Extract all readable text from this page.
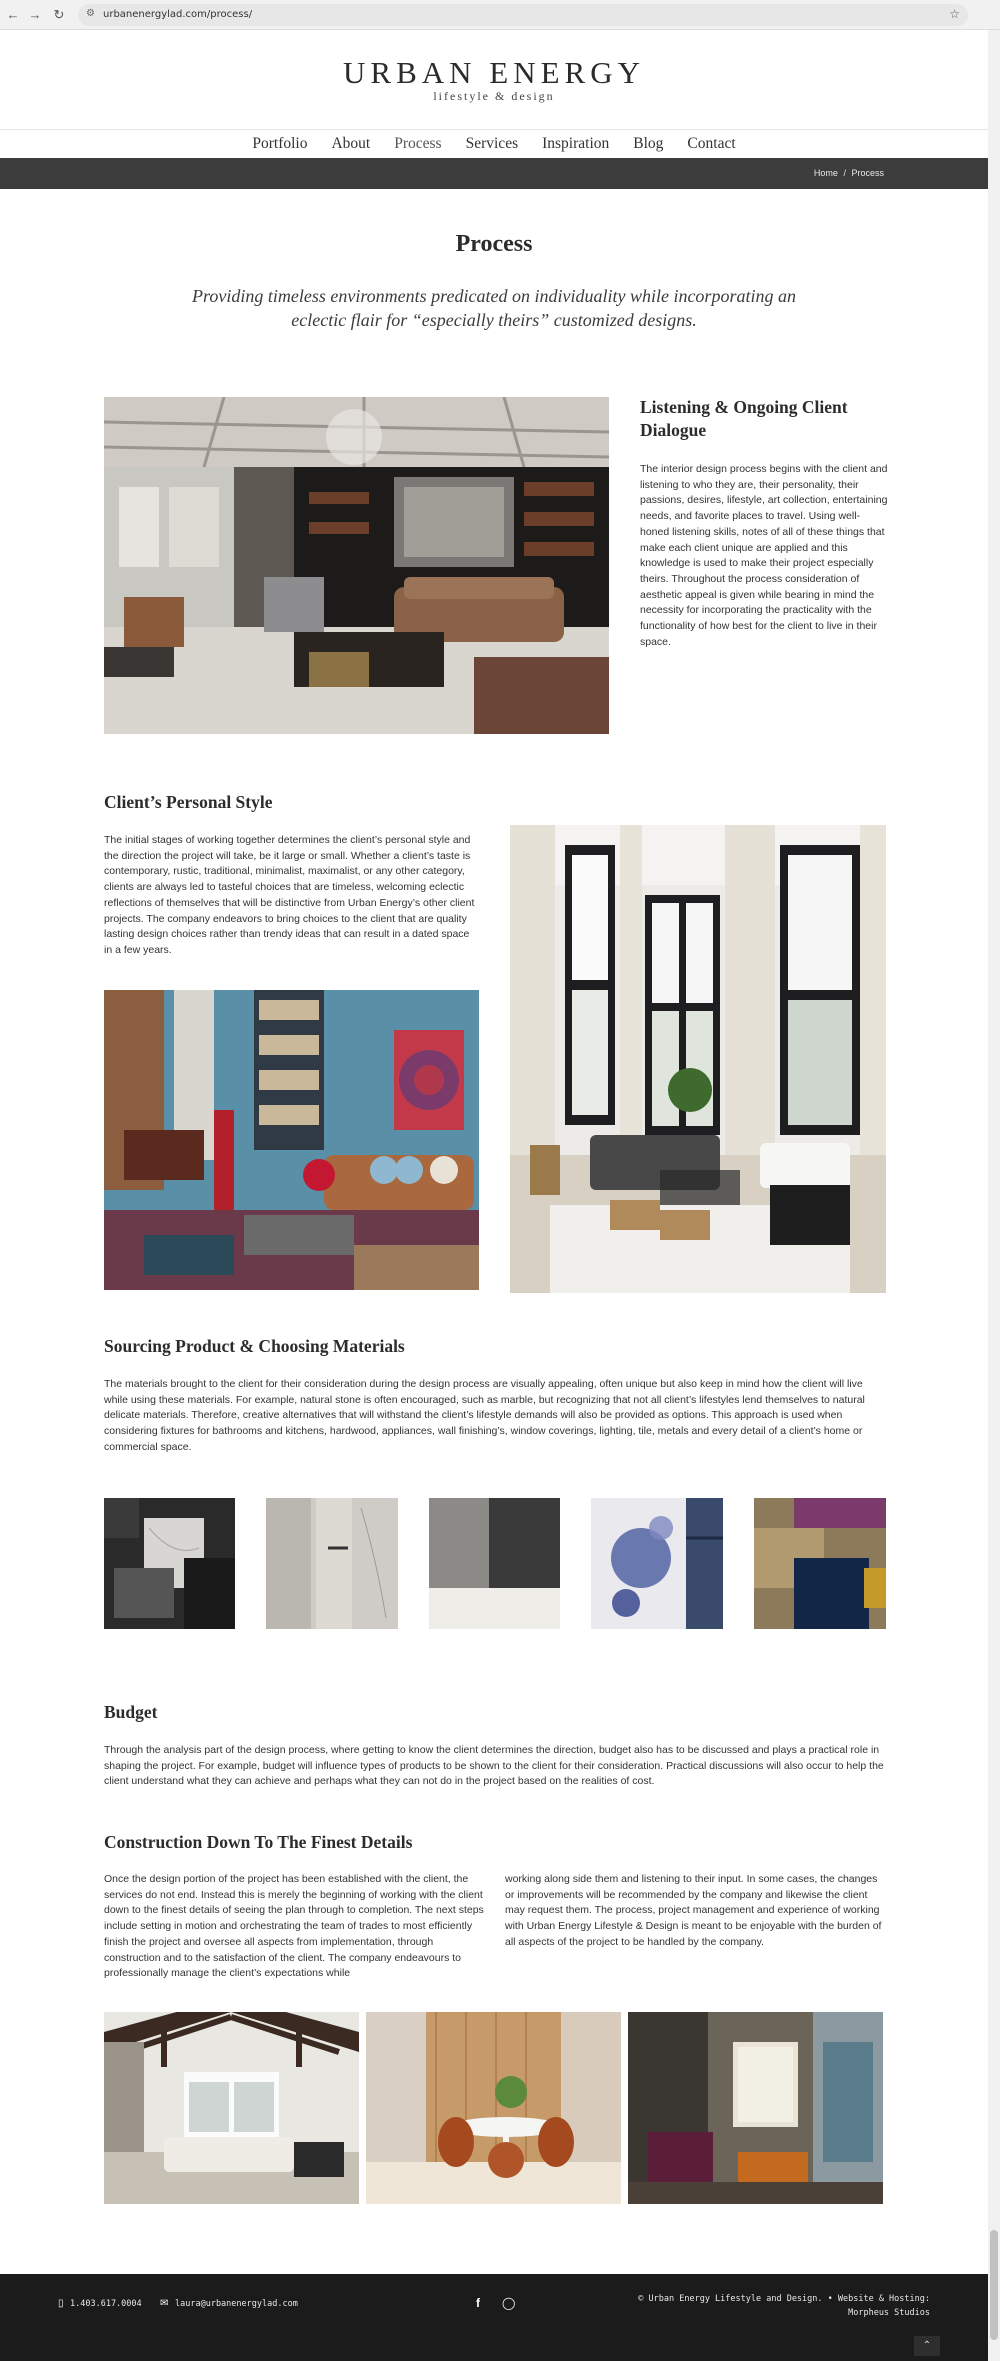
← → ↻	⚙ urbanenergylad.com/process/	☆
URBAN ENERGY
lifestyle & design
Portfolio About Process Services Inspiration Blog Contact
Home / Process
Process

Providing timeless environments predicated on individuality while incorporating an eclectic flair for “especially theirs” customized designs.

Listening & Ongoing Client Dialogue

The interior design process begins with the client and listening to who they are, their personality, their passions, desires, lifestyle, art collection, entertaining needs, and favorite places to travel. Using well-honed listening skills, notes of all of these things that make each client unique are applied and this knowledge is used to make their project especially theirs. Throughout the process consideration of aesthetic appeal is given while bearing in mind the necessity for incorporating the practicality with the functionality of how best for the client to live in their space.

Client’s Personal Style

The initial stages of working together determines the client’s personal style and the direction the project will take, be it large or small. Whether a client’s taste is contemporary, rustic, traditional, minimalist, maximalist, or any other category, clients are always led to tasteful choices that are timeless, welcoming eclectic reflections of themselves that will be distinctive from Urban Energy’s other client projects. The company endeavors to bring choices to the client that are quality lasting design choices rather than trendy ideas that can result in a dated space in a few years.

Sourcing Product & Choosing Materials

The materials brought to the client for their consideration during the design process are visually appealing, often unique but also keep in mind how the client will live while using these materials. For example, natural stone is often encouraged, such as marble, but recognizing that not all client’s lifestyles lend themselves to natural delicate materials. Therefore, creative alternatives that will withstand the client’s lifestyle demands will also be provided as options. This approach is used when considering fixtures for bathrooms and kitchens, hardwood, appliances, wall finishing’s, window coverings, lighting, tile, metals and every detail of a client’s home or commercial space.

Budget

Through the analysis part of the design process, where getting to know the client determines the direction, budget also has to be discussed and plays a practical role in shaping the project. For example, budget will influence types of products to be shown to the client for their consideration. Practical discussions will also occur to help the client understand what they can achieve and perhaps what they can not do in the project based on the realities of cost.

Construction Down To The Finest Details

Once the design portion of the project has been established with the client, the services do not end. Instead this is merely the beginning of working with the client down to the finest details of seeing the plan through to completion. The next steps include setting in motion and orchestrating the team of trades to most efficiently finish the project and oversee all aspects from implementation, through construction and to the satisfaction of the client. The company endeavours to professionally manage the client’s expectations while

working along side them and listening to their input. In some cases, the changes or improvements will be recommended by the company and likewise the client may request them. The process, project management and experience of working with Urban Energy Lifestyle & Design is meant to be enjoyable with the burden of all aspects of the project to be handled by the company.

▯ 1.403.617.0004 ✉ laura@urbanenergylad.com	f ◯	© Urban Energy Lifestyle and Design. • Website & Hosting:
Morpheus Studios
⌃
